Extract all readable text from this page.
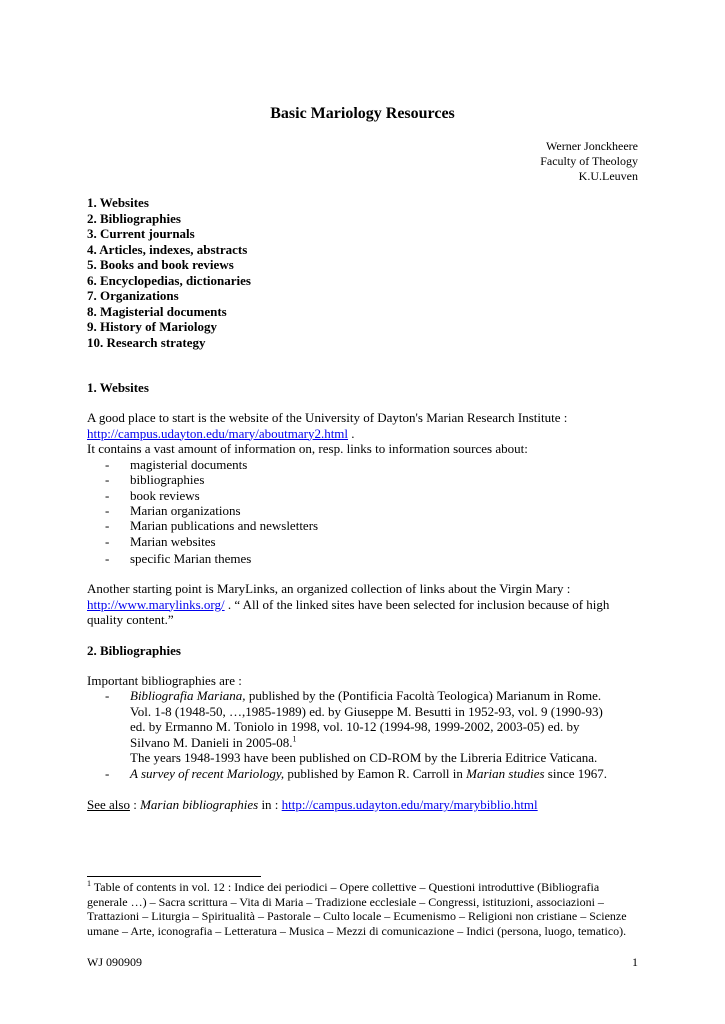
Basic Mariology Resources
Werner Jonckheere
Faculty of Theology
K.U.Leuven
1. Websites
2. Bibliographies
3. Current journals
4. Articles, indexes, abstracts
5. Books and book reviews
6. Encyclopedias, dictionaries
7. Organizations
8. Magisterial documents
9. History of Mariology
10. Research strategy
1. Websites
A good place to start is the website of the University of Dayton's Marian Research Institute :
http://campus.udayton.edu/mary/aboutmary2.html .
It contains a vast amount of information on, resp. links to information sources about:
- magisterial documents
- bibliographies
- book reviews
- Marian organizations
- Marian publications and newsletters
- Marian websites
- specific Marian themes
Another starting point is MaryLinks, an organized collection of links about the Virgin Mary :
http://www.marylinks.org/ . “ All of the linked sites have been selected for inclusion because of high
quality content.”
2. Bibliographies
Important bibliographies are :
- Bibliografia Mariana, published by the (Pontificia Facoltà Teologica) Marianum in Rome.
Vol. 1-8 (1948-50, …,1985-1989) ed. by Giuseppe M. Besutti in 1952-93, vol. 9 (1990-93)
ed. by Ermanno M. Toniolo in 1998, vol. 10-12 (1994-98, 1999-2002, 2003-05) ed. by
Silvano M. Danieli in 2005-08.$^1$
The years 1948-1993 have been published on CD-ROM by the Libreria Editrice Vaticana.
- A survey of recent Mariology, published by Eamon R. Carroll in Marian studies since 1967.
See also : Marian bibliographies in : http://campus.udayton.edu/mary/marybiblio.html
$^1$ Table of contents in vol. 12 : Indice dei periodici – Opere collettive – Questioni introduttive (Bibliografia
generale …) – Sacra scrittura – Vita di Maria – Tradizione ecclesiale – Congressi, istituzioni, associazioni –
Trattazioni – Liturgia – Spiritualità – Pastorale – Culto locale – Ecumenismo – Religioni non cristiane – Scienze
umane – Arte, iconografia – Letteratura – Musica – Mezzi di comunicazione – Indici (persona, luogo, tematico).
WJ 090909	1
